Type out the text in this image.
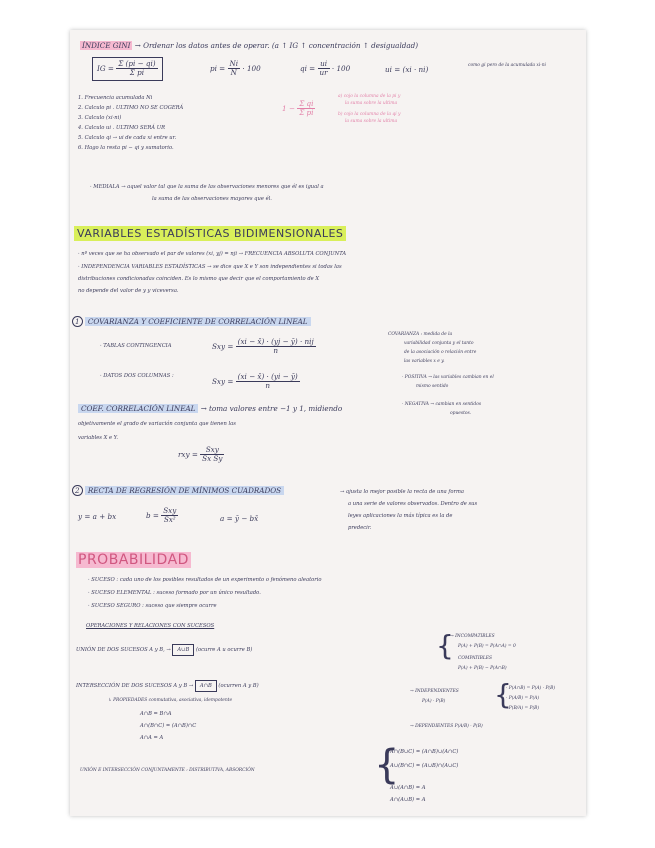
ÍNDICE GINI → Ordenar los datos antes de operar. (a ↑ IG ↑ concentración ↑ desigualdad)
IG = $\frac{\Sigma (pi - qi)}{\text{Σ pi}}$	pi = $\frac{Ni}{N} \cdot 100$	qi = $\frac{ui}{ur} \cdot 100$	ui = (xi · ni)	como gi pero de la acumulada xi·ni
1. Frecuencia acumulada Ni
2. Calculo pi . ULTIMO NO SE COGERÁ
3. Calculo (xi·ni)
4. Calculo ui . ULTIMO SERÁ UR
5. Calculo qi → ui de cada xi entre ur.
6. Hago la resta pi − qi y sumatorio.
$1 - \frac{\text{Σ qi}}{\text{Σ pi}}$
a) cojo la columna de la pi y
la suma sobre la ultima
b) cojo la columna de la qi y
la suma sobre la ultima
· MEDIALA → aquel valor tal que la suma de las observaciones menores que él es igual a
la suma de las observaciones mayores que él.
VARIABLES ESTADÍSTICAS BIDIMENSIONALES
· nº veces que se ha observado el par de valores (xi, yj) = nji → FRECUENCIA ABSOLUTA CONJUNTA
· INDEPENDENCIA VARIABLES ESTADÍSTICAS → se dice que X e Y son independientes si todas las
distribuciones condicionadas coinciden. Es lo mismo que decir que el comportamiento de X
no depende del valor de y y viceversa.
1 COVARIANZA Y COEFICIENTE DE CORRELACIÓN LINEAL
· TABLAS CONTINGENCIA	Sxy = $\frac{\text{(xi − x̄) · (yj − ȳ) · nij}}{n}$
· DATOS DOS COLUMNAS :
Sxy = $\frac{(xi - x̄) \cdot (yi - ȳ)}{n}$
COVARIANZA : medida de la
variabilidad conjunta y el tanto
de la asociación o relación entre
las variables x e y.
· POSITIVA → las variables cambian en el
mismo sentido
· NEGATIVA → cambian en sentidos
opuestos.
COEF. CORRELACIÓN LINEAL → toma valores entre −1 y 1, midiendo
objetivamente el grado de variación conjunta que tienen las
variables X e Y.
rxy = $\frac{\text{Sxy}}{\text{Sx Sy}}$
2 RECTA DE REGRESIÓN DE MÍNIMOS CUADRADOS	→ ajusta lo mejor posible la recta de una forma
a una serie de valores observados. Dentro de sus
leyes aplicaciones la más típica es la de
predecir.
y = a + bx	$b = \frac{\text{Sxy}}{\text{Sx²}}$	a = ȳ − bx̄
PROBABILIDAD
· SUCESO : cada uno de los posibles resultados de un experimento o fenómeno aleatorio
· SUCESO ELEMENTAL : suceso formado por un único resultado.
· SUCESO SEGURO : suceso que siempre ocurre
OPERACIONES Y RELACIONES CON SUCESOS
UNIÓN DE DOS SUCESOS A y B, → A∪B (ocurre A u ocurre B)	{
→ INCOMPATIBLES
P(A) + P(B) = P(A∩A) = 0
COMPATIBLES
P(A) + P(B) − P(A∩B)
INTERSECCIÓN DE DOS SUCESOS A y B → A∩B (ocurren A y B)
→ INDEPENDIENTES
P(A) · P(B) {
· P(A∩B) = P(A) · P(B)
· P(A/B) = P(A)
· P(B/A) = P(B)
→ DEPENDIENTES P(A/B) · P(B)
↳ PROPIEDADES conmutativa, asociativa, idempotente
A∩B = B∩A
A∩(B∩C) = (A∩B)∩C
A∩A = A
UNIÓN E INTERSECCIÓN CONJUNTAMENTE : DISTRIBUTIVA, ABSORCIÓN	{
A∩(B∪C) = (A∩B)∪(A∩C)
A∪(B∩C) = (A∪B)∩(A∪C)
A∪(A∩B) = A
A∩(A∪B) = A
